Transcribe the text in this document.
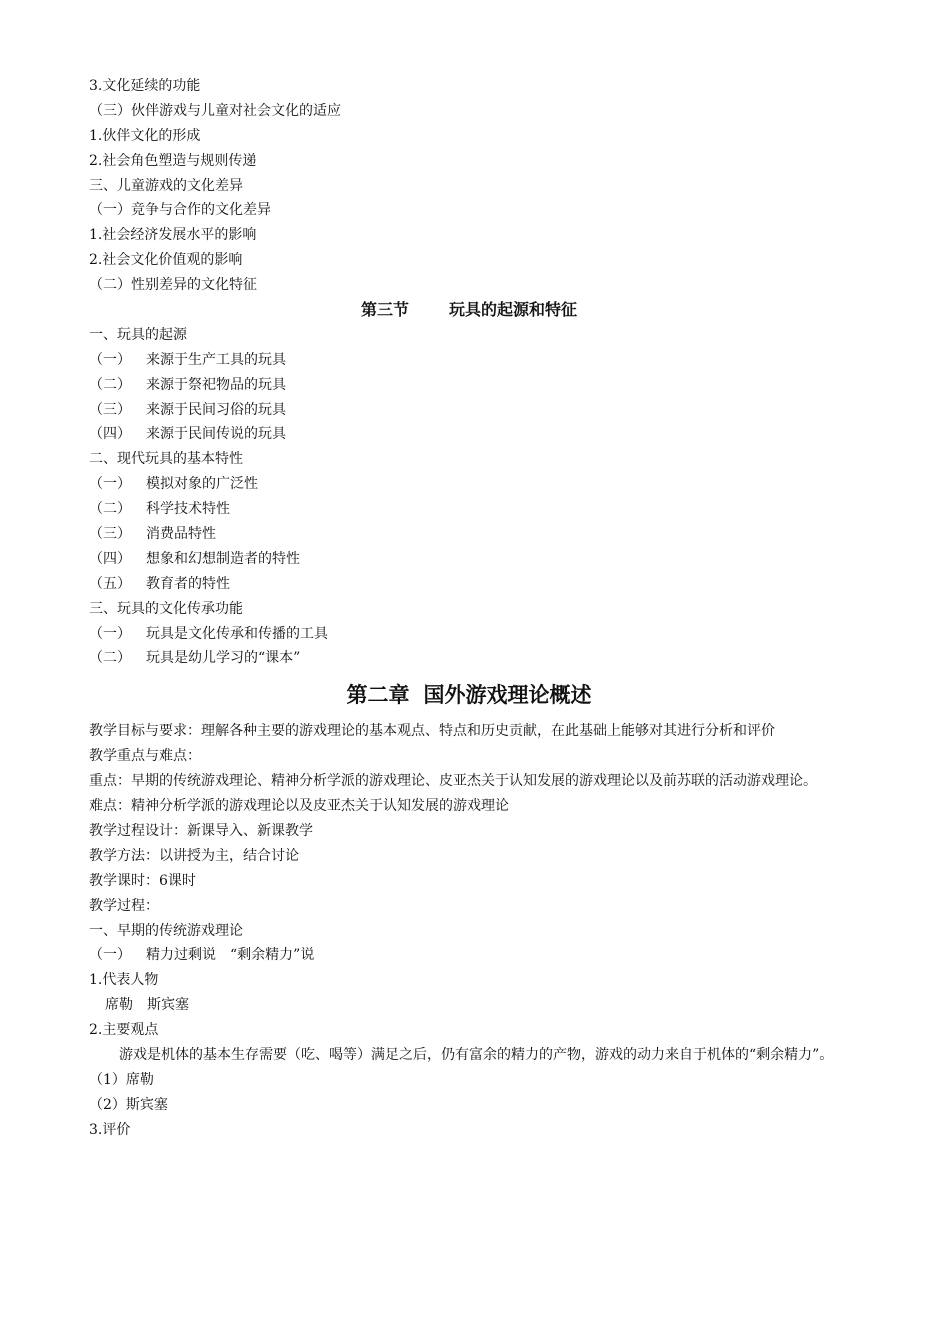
3.文化延续的功能
（三）伙伴游戏与儿童对社会文化的适应
1.伙伴文化的形成
2.社会角色塑造与规则传递
三、儿童游戏的文化差异
（一）竞争与合作的文化差异
1.社会经济发展水平的影响
2.社会文化价值观的影响
（二）性别差异的文化特征
第三节	玩具的起源和特征
一、玩具的起源
（一） 来源于生产工具的玩具
（二） 来源于祭祀物品的玩具
（三） 来源于民间习俗的玩具
（四） 来源于民间传说的玩具
二、现代玩具的基本特性
（一） 模拟对象的广泛性
（二） 科学技术特性
（三） 消费品特性
（四） 想象和幻想制造者的特性
（五） 教育者的特性
三、玩具的文化传承功能
（一） 玩具是文化传承和传播的工具
（二） 玩具是幼儿学习的“课本”
第二章 国外游戏理论概述
教学目标与要求： 理解各种主要的游戏理论的基本观点、特点和历史贡献，在此基础上能够对其进行分析和评价
教学重点与难点：
重点： 早期的传统游戏理论、精神分析学派的游戏理论、皮亚杰关于认知发展的游戏理论以及前苏联的活动游戏理论。
难点：精神分析学派的游戏理论以及皮亚杰关于认知发展的游戏理论
教学过程设计：新课导入、新课教学
教学方法：以讲授为主，结合讨论
教学课时：6课时
教学过程：
一、早期的传统游戏理论
（一） 精力过剩说　“剩余精力”说
1.代表人物
席勒　斯宾塞
2.主要观点
游戏是机体的基本生存需要（吃、喝等）满足之后，仍有富余的精力的产物，游戏的动力来自于机体的“剩余精力”。
（1）席勒
（2）斯宾塞
3.评价
